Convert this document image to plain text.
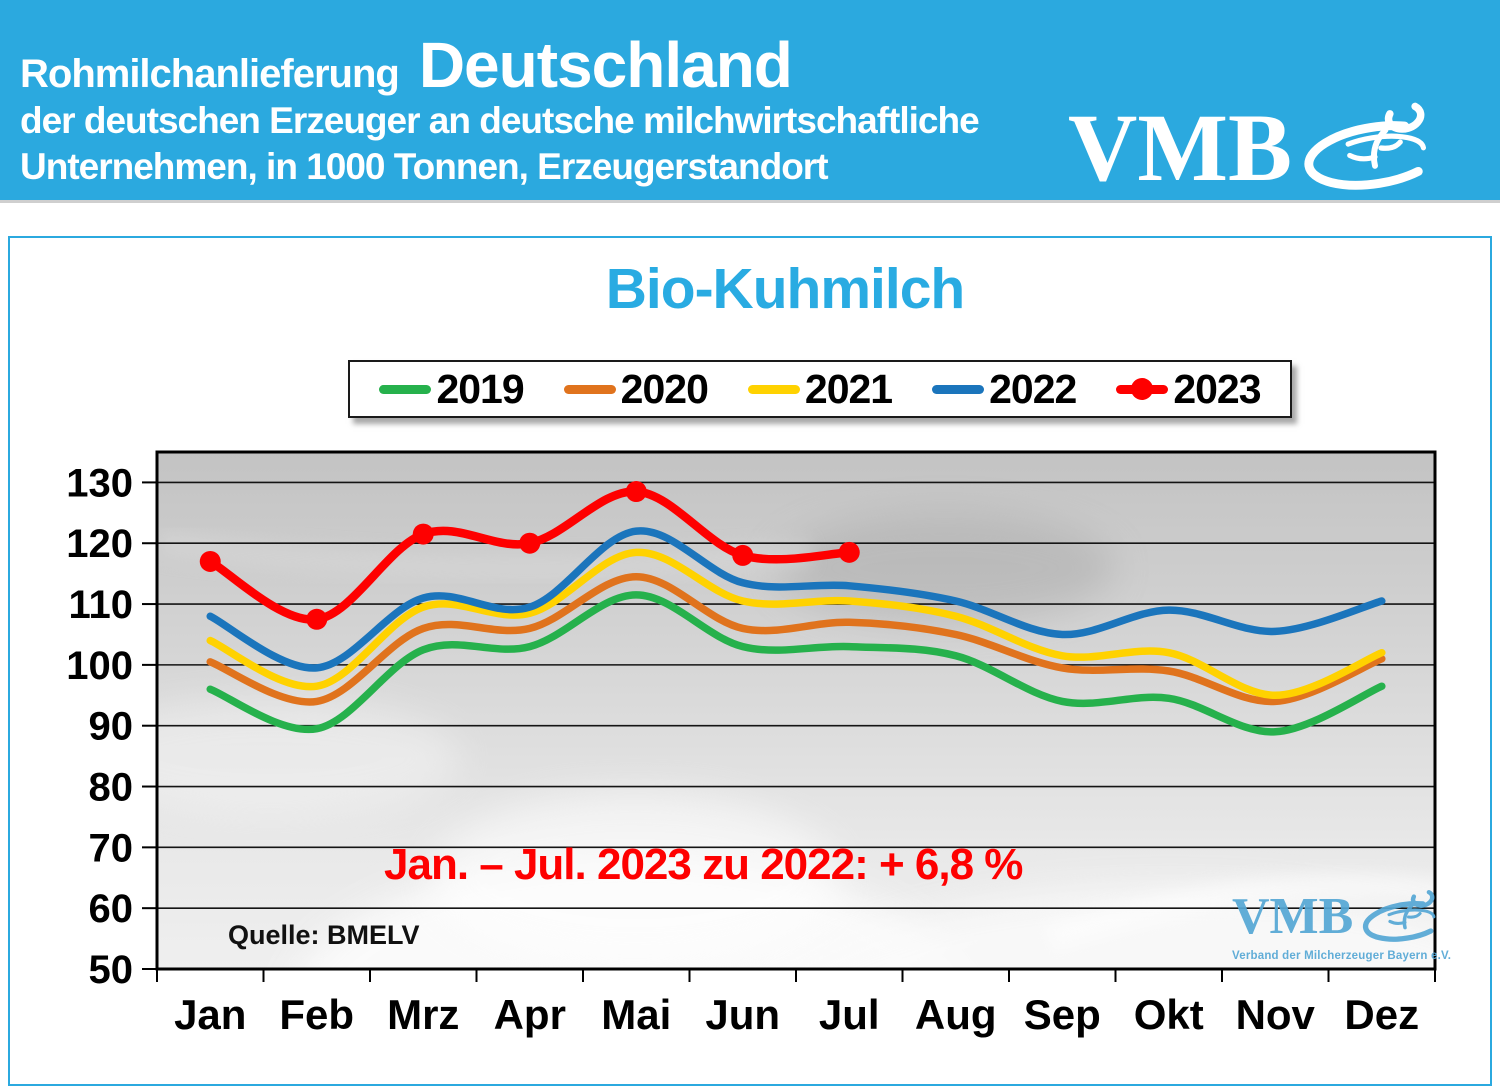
Rohmilchanlieferung Deutschland
der deutschen Erzeuger an deutsche milchwirtschaftliche
Unternehmen, in 1000 Tonnen, Erzeugerstandort	VMB
Bio-Kuhmilch
2019 2020 2021 2022 2023
50
60
70
80
90
100
110
120
130
Jan Feb Mrz Apr Mai Jun Jul Aug Sep Okt Nov Dez
Jan. – Jul. 2023 zu 2022: + 6,8 %
Quelle: BMELV	VMB
Verband der Milcherzeuger Bayern e.V.
